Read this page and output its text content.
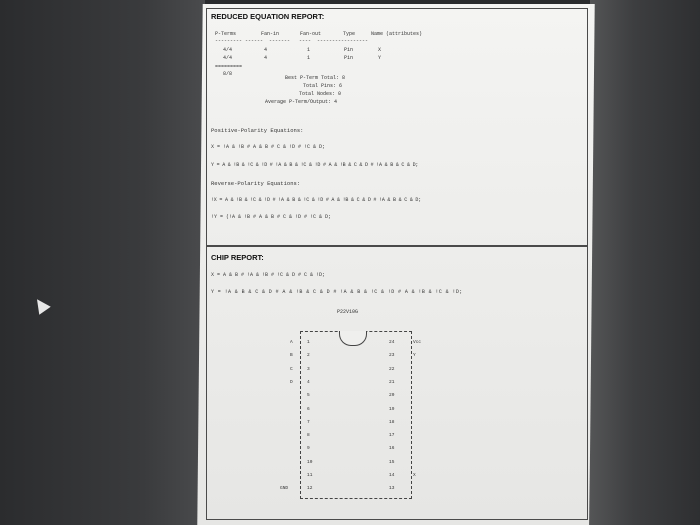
REDUCED EQUATION REPORT:
P-Terms	Fan-in	Fan-out	Type	Name (attributes)
--------- ------  -------   ----  -----------------
4/4	4	1	Pin	X
4/4	4	1	Pin	Y
=========
8/8
Best P-Term Total: 8
Total Pins: 6
Total Nodes: 0
Average P-Term/Output: 4
Positive-Polarity Equations:
X = !A & !B # A & B # C & !D # !C & D;
Y = A & !B & !C & !D # !A & B & !C & !D # A & !B & C & D # !A & B & C & D;
Reverse-Polarity Equations:
!X = A & !B & !C & !D # !A & B & !C & !D # A & !B & C & D # !A & B & C & D;
!Y = (!A & !B # A & B # C & !D # !C & D;
CHIP REPORT:
X = A & B # !A & !B # !C & D # C & !D;
Y = !A & B & C & D # A & !B & C & D # !A & B & !C & !D # A & !B & !C & !D;
P22V10G
A	1
B	2
C	3
D	4
5
6
7
8
9
10
11
GND	12
24	Vcc
23	Y
22
21
20
19
18
17
16
15
14	X
13
